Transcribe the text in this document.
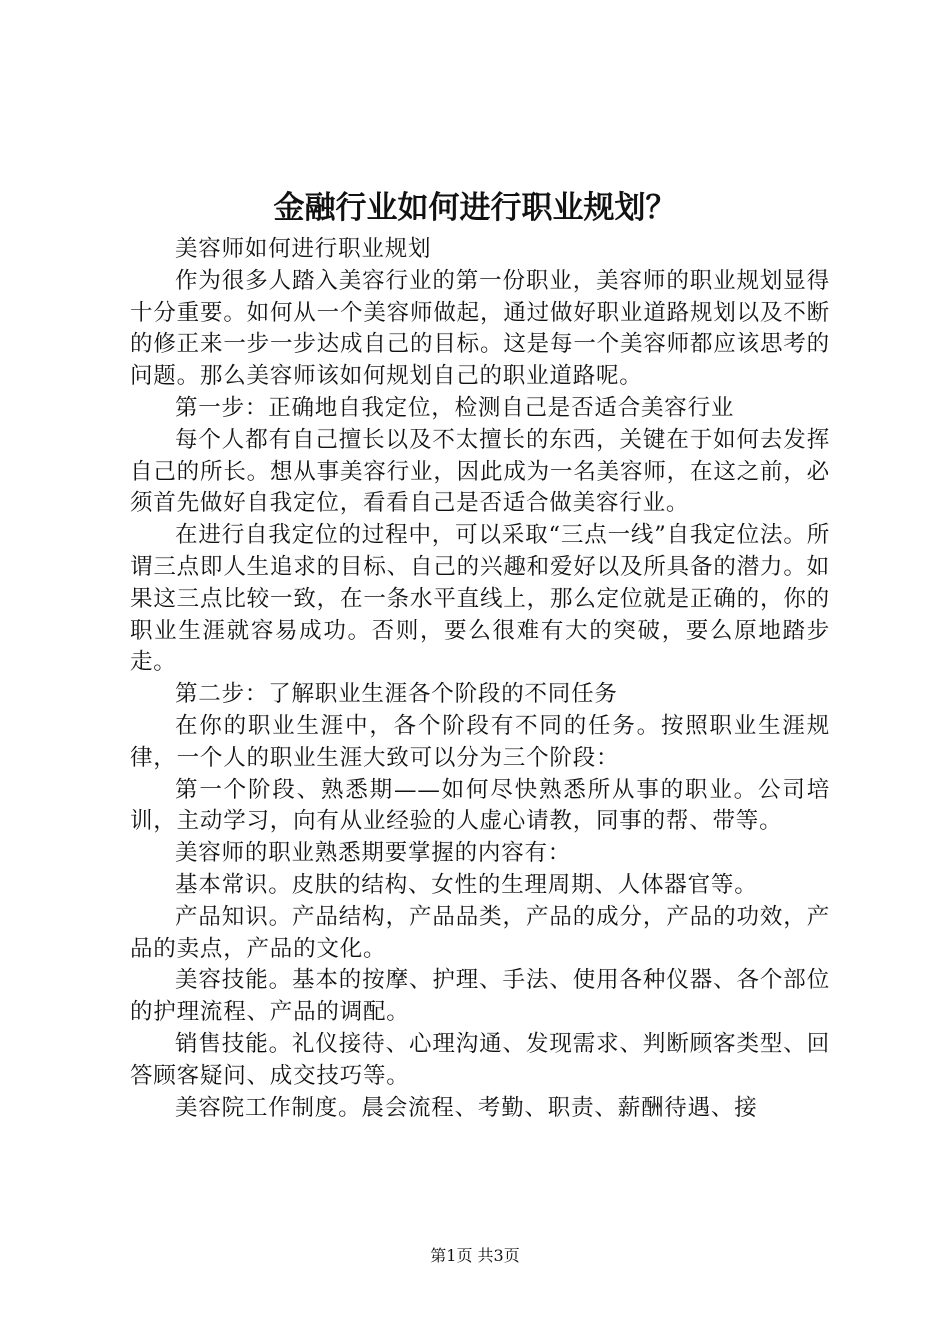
金融行业如何进行职业规划？

美容师如何进行职业规划

作为很多人踏入美容行业的第一份职业，美容师的职业规划显得十分重要。如何从一个美容师做起，通过做好职业道路规划以及不断的修正来一步一步达成自己的目标。这是每一个美容师都应该思考的问题。那么美容师该如何规划自己的职业道路呢。

第一步：正确地自我定位，检测自己是否适合美容行业

每个人都有自己擅长以及不太擅长的东西，关键在于如何去发挥自己的所长。想从事美容行业，因此成为一名美容师，在这之前，必须首先做好自我定位，看看自己是否适合做美容行业。

在进行自我定位的过程中，可以采取“三点一线”自我定位法。所谓三点即人生追求的目标、自己的兴趣和爱好以及所具备的潜力。如果这三点比较一致，在一条水平直线上，那么定位就是正确的，你的职业生涯就容易成功。否则，要么很难有大的突破，要么原地踏步走。

第二步：了解职业生涯各个阶段的不同任务

在你的职业生涯中，各个阶段有不同的任务。按照职业生涯规律，一个人的职业生涯大致可以分为三个阶段：

第一个阶段、熟悉期——如何尽快熟悉所从事的职业。公司培训，主动学习，向有从业经验的人虚心请教，同事的帮、带等。

美容师的职业熟悉期要掌握的内容有：

基本常识。皮肤的结构、女性的生理周期、人体器官等。

产品知识。产品结构，产品品类，产品的成分，产品的功效，产品的卖点，产品的文化。

美容技能。基本的按摩、护理、手法、使用各种仪器、各个部位的护理流程、产品的调配。

销售技能。礼仪接待、心理沟通、发现需求、判断顾客类型、回答顾客疑问、成交技巧等。

美容院工作制度。晨会流程、考勤、职责、薪酬待遇、接

第1页 共3页
